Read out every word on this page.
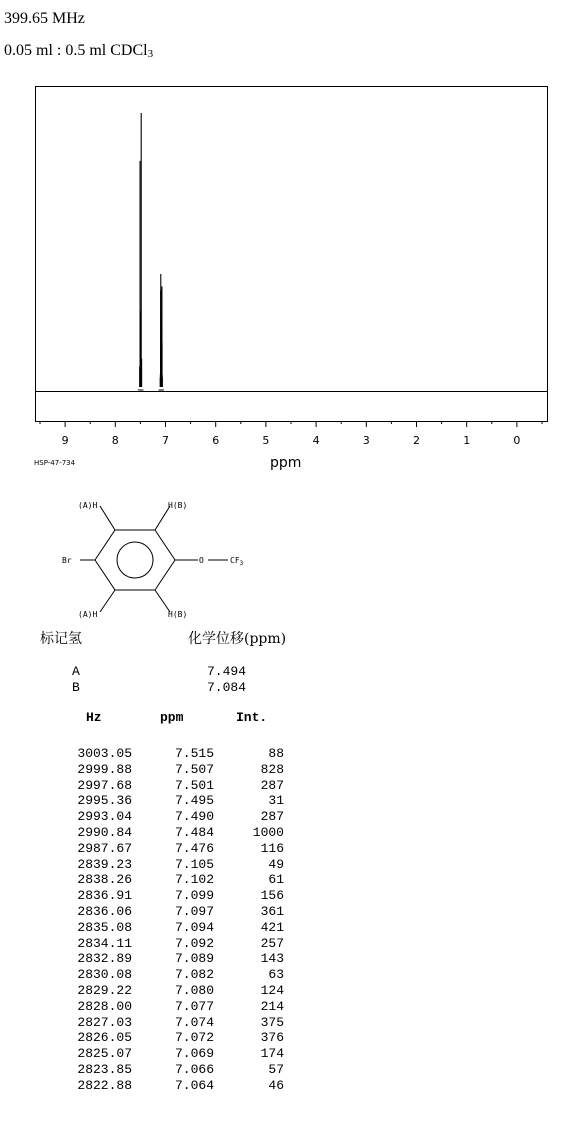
399.65 MHz
0.05 ml : 0.5 ml CDCl$_3$
9	8	7	6	5	4	3	2	1	0
HSP-47-734	ppm
(A)H	H(B)
(A)H	H(B)
Br	O	$CF_3$
标记氢	化学位移(ppm)
A	7.494
B	7.084
Hz	ppm	Int.
3003.05	7.515	88
2999.88	7.507	828
2997.68	7.501	287
2995.36	7.495	31
2993.04	7.490	287
2990.84	7.484	1000
2987.67	7.476	116
2839.23	7.105	49
2838.26	7.102	61
2836.91	7.099	156
2836.06	7.097	361
2835.08	7.094	421
2834.11	7.092	257
2832.89	7.089	143
2830.08	7.082	63
2829.22	7.080	124
2828.00	7.077	214
2827.03	7.074	375
2826.05	7.072	376
2825.07	7.069	174
2823.85	7.066	57
2822.88	7.064	46
